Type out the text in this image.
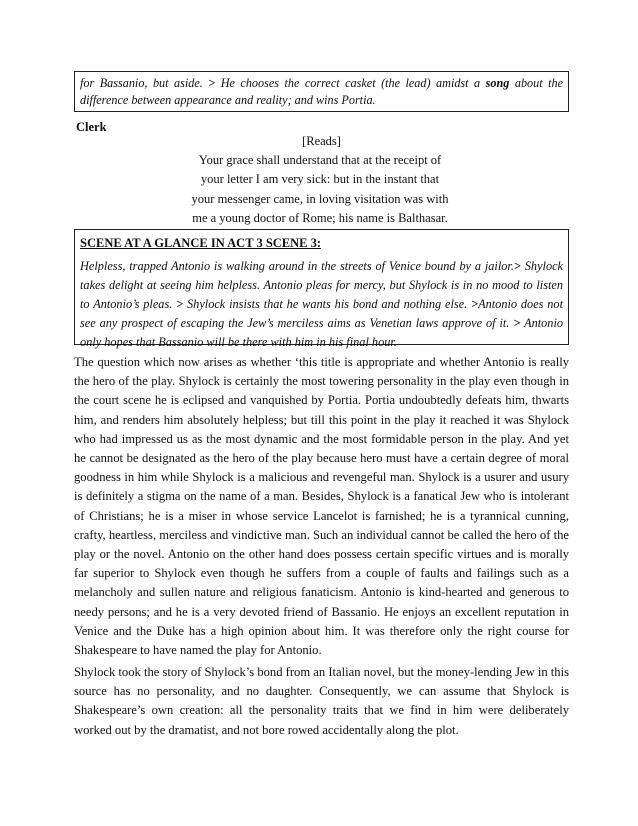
for Bassanio, but aside. > He chooses the correct casket (the lead) amidst a song about the difference between appearance and reality; and wins Portia.

Clerk
[Reads]
Your grace shall understand that at the receipt of
your letter I am very sick: but in the instant that
your messenger came, in loving visitation was with
me a young doctor of Rome; his name is Balthasar.
SCENE AT A GLANCE IN ACT 3 SCENE 3:

Helpless, trapped Antonio is walking around in the streets of Venice bound by a jailor.> Shylock takes delight at seeing him helpless. Antonio pleas for mercy, but Shylock is in no mood to listen to Antonio’s pleas. > Shylock insists that he wants his bond and nothing else. >Antonio does not see any prospect of escaping the Jew’s merciless aims as Venetian laws approve of it. > Antonio only hopes that Bassanio will be there with him in his final hour.

The question which now arises as whether ‘this title is appropriate and whether Antonio is really the hero of the play. Shylock is certainly the most towering personality in the play even though in the court scene he is eclipsed and vanquished by Portia. Portia undoubtedly defeats him, thwarts him, and renders him absolutely helpless; but till this point in the play it reached it was Shylock who had impressed us as the most dynamic and the most formidable person in the play. And yet he cannot be designated as the hero of the play because hero must have a certain degree of moral goodness in him while Shylock is a malicious and revengeful man. Shylock is a usurer and usury is definitely a stigma on the name of a man. Besides, Shylock is a fanatical Jew who is intolerant of Christians; he is a miser in whose service Lancelot is farnished; he is a tyrannical cunning, crafty, heartless, merciless and vindictive man. Such an individual cannot be called the hero of the play or the novel. Antonio on the other hand does possess certain specific virtues and is morally far superior to Shylock even though he suffers from a couple of faults and failings such as a melancholy and sullen nature and religious fanaticism. Antonio is kind-hearted and generous to needy persons; and he is a very devoted friend of Bassanio. He enjoys an excellent reputation in Venice and the Duke has a high opinion about him. It was therefore only the right course for Shakespeare to have named the play for Antonio.

Shylock took the story of Shylock’s bond from an Italian novel, but the money-lending Jew in this source has no personality, and no daughter. Consequently, we can assume that Shylock is Shakespeare’s own creation: all the personality traits that we find in him were deliberately worked out by the dramatist, and not bore rowed accidentally along the plot.
